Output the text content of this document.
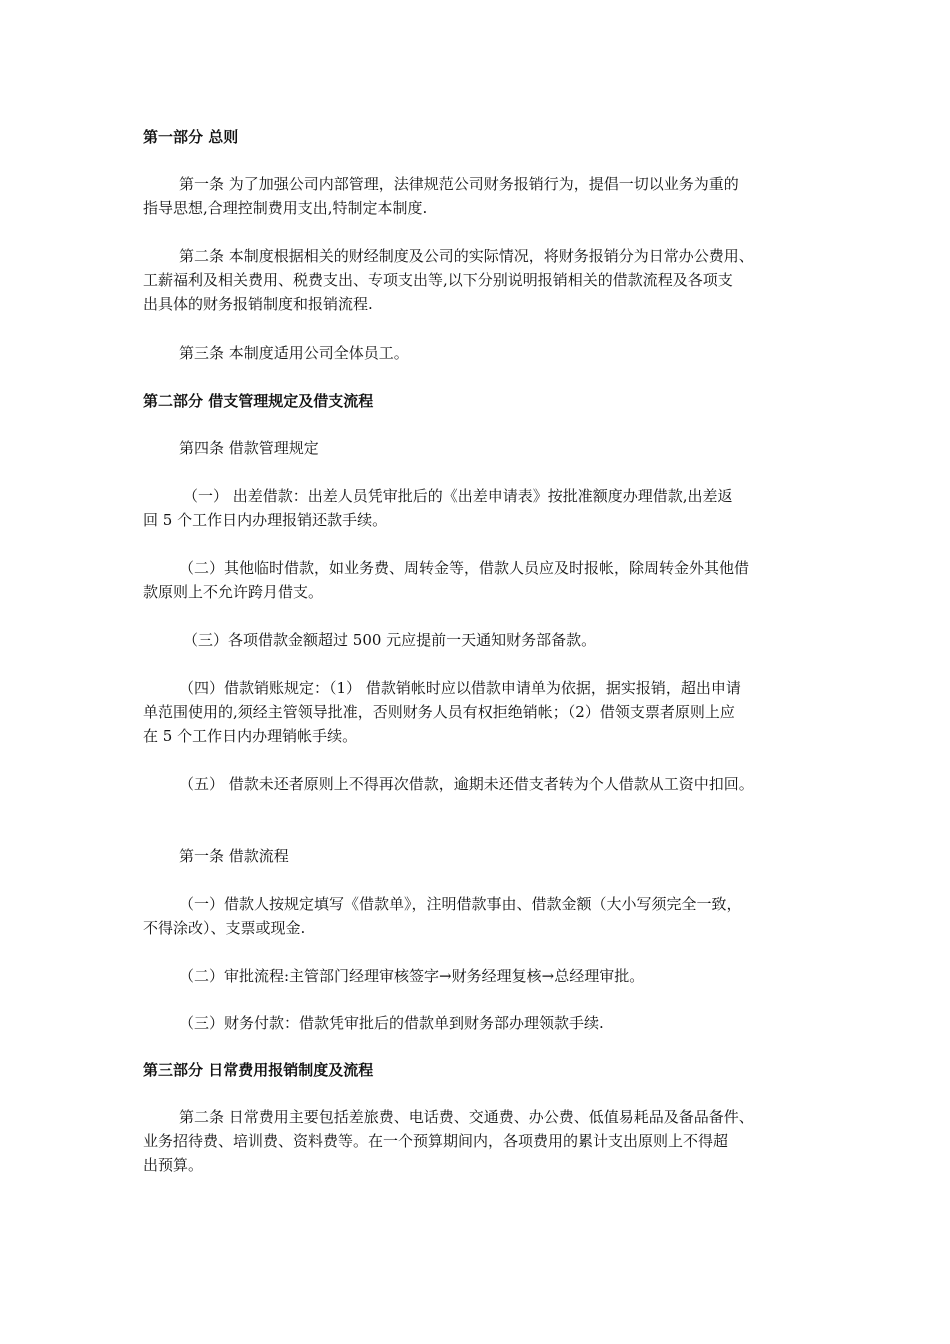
第一部分 总则
第一条 为了加强公司内部管理，法律规范公司财务报销行为，提倡一切以业务为重的
指导思想,合理控制费用支出,特制定本制度.
第二条 本制度根据相关的财经制度及公司的实际情况，将财务报销分为日常办公费用、
工薪福利及相关费用、税费支出、专项支出等,以下分别说明报销相关的借款流程及各项支
出具体的财务报销制度和报销流程.
第三条 本制度适用公司全体员工。
第二部分 借支管理规定及借支流程
第四条 借款管理规定
（一） 出差借款：出差人员凭审批后的《出差申请表》按批准额度办理借款,出差返
回 5 个工作日内办理报销还款手续。
（二）其他临时借款，如业务费、周转金等，借款人员应及时报帐，除周转金外其他借
款原则上不允许跨月借支。
（三）各项借款金额超过 500 元应提前一天通知财务部备款。
（四）借款销账规定：（1） 借款销帐时应以借款申请单为依据，据实报销，超出申请
单范围使用的,须经主管领导批准，否则财务人员有权拒绝销帐；（2）借领支票者原则上应
在 5 个工作日内办理销帐手续。
（五） 借款未还者原则上不得再次借款，逾期未还借支者转为个人借款从工资中扣回。
第一条 借款流程
（一）借款人按规定填写《借款单》，注明借款事由、借款金额（大小写须完全一致，
不得涂改）、支票或现金.
（二）审批流程:主管部门经理审核签字→财务经理复核→总经理审批。
（三）财务付款：借款凭审批后的借款单到财务部办理领款手续.
第三部分 日常费用报销制度及流程
第二条 日常费用主要包括差旅费、电话费、交通费、办公费、低值易耗品及备品备件、
业务招待费、培训费、资料费等。在一个预算期间内，各项费用的累计支出原则上不得超
出预算。
